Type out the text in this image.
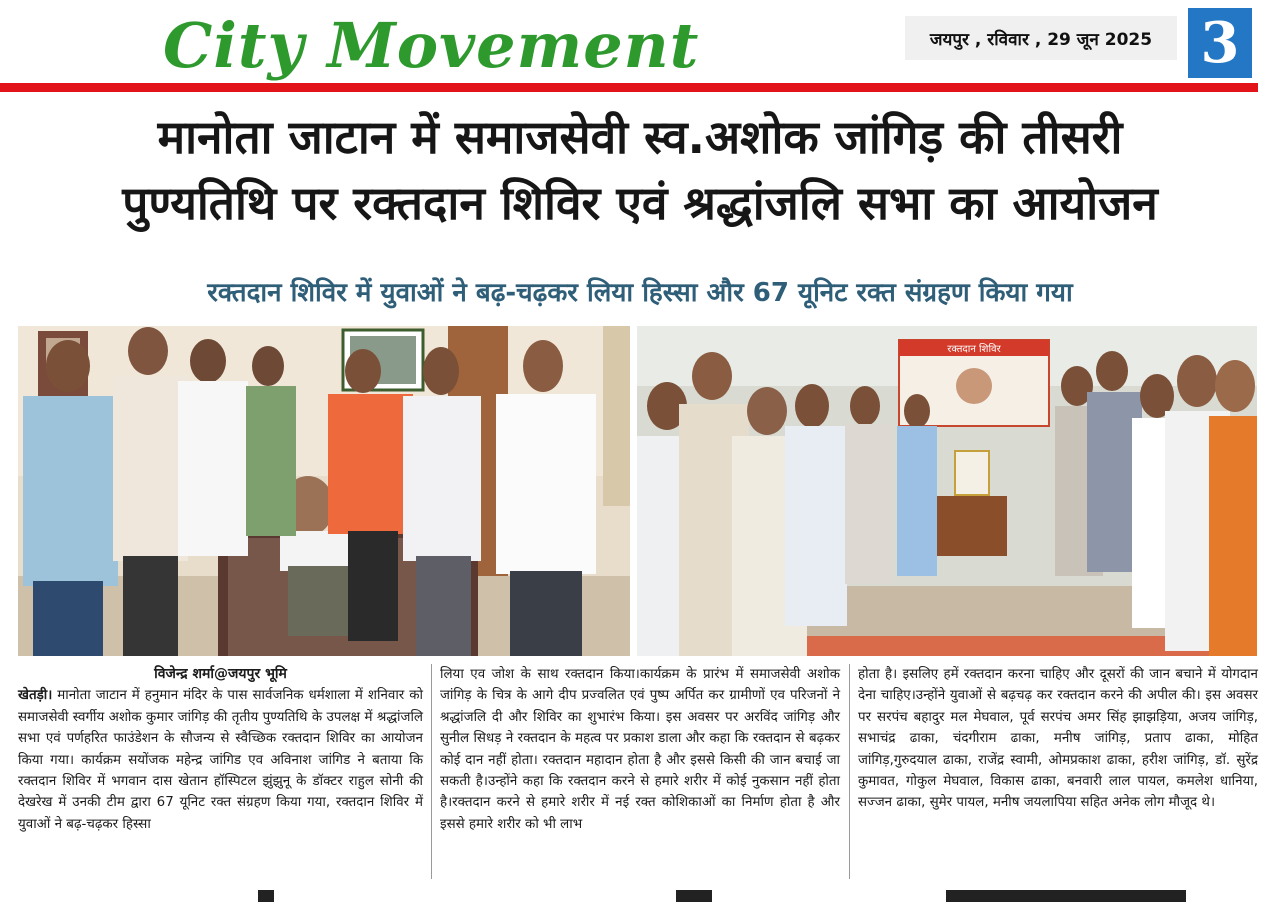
City Movement	जयपुर , रविवार , 29 जून 2025 3
मानोता जाटान में समाजसेवी स्व.अशोक जांगिड़ की तीसरी
पुण्यतिथि पर रक्तदान शिविर एवं श्रद्धांजलि सभा का आयोजन
रक्तदान शिविर में युवाओं ने बढ़-चढ़कर लिया हिस्सा और 67 यूनिट रक्त संग्रहण किया गया
रक्तदान शिविर
विजेन्द्र शर्मा@जयपुर भूमि
खेतड़ी। मानोता जाटान में हनुमान मंदिर के पास सार्वजनिक धर्मशाला में शनिवार को समाजसेवी स्वर्गीय अशोक कुमार जांगिड़ की तृतीय पुण्यतिथि के उपलक्ष में श्रद्धांजलि सभा एवं पर्णहरित फाउंडेशन के सौजन्य से स्वैच्छिक रक्तदान शिविर का आयोजन किया गया। कार्यक्रम सयोंजक महेन्द्र जांगिड एव अविनाश जांगिड ने बताया कि रक्तदान शिविर में भगवान दास खेतान हॉस्पिटल झुंझुनू के डॉक्टर राहुल सोनी की देखरेख में उनकी टीम द्वारा 67 यूनिट रक्त संग्रहण किया गया, रक्तदान शिविर में युवाओं ने बढ़-चढ़कर हिस्सा
लिया एव जोश के साथ रक्तदान किया।कार्यक्रम के प्रारंभ में समाजसेवी अशोक जांगिड़ के चित्र के आगे दीप प्रज्वलित एवं पुष्प अर्पित कर ग्रामीणों एव परिजनों ने श्रद्धांजलि दी और शिविर का शुभारंभ किया। इस अवसर पर अरविंद जांगिड़ और सुनील सिधड़ ने रक्तदान के महत्व पर प्रकाश डाला और कहा कि रक्तदान से बढ़कर कोई दान नहीं होता। रक्तदान महादान होता है और इससे किसी की जान बचाई जा सकती है।उन्होंने कहा कि रक्तदान करने से हमारे शरीर में कोई नुकसान नहीं होता है।रक्तदान करने से हमारे शरीर में नई रक्त कोशिकाओं का निर्माण होता है और इससे हमारे शरीर को भी लाभ
होता है। इसलिए हमें रक्तदान करना चाहिए और दूसरों की जान बचाने में योगदान देना चाहिए।उन्होंने युवाओं से बढ़चढ़ कर रक्तदान करने की अपील की। इस अवसर पर सरपंच बहादुर मल मेघवाल, पूर्व सरपंच अमर सिंह झाझड़िया, अजय जांगिड़, सभाचंद्र ढाका, चंदगीराम ढाका, मनीष जांगिड़, प्रताप ढाका, मोहित जांगिड़,गुरुदयाल ढाका, राजेंद्र स्वामी, ओमप्रकाश ढाका, हरीश जांगिड़, डॉ. सुरेंद्र कुमावत, गोकुल मेघवाल, विकास ढाका, बनवारी लाल पायल, कमलेश धानिया, सज्जन ढाका, सुमेर पायल, मनीष जयलापिया सहित अनेक लोग मौजूद थे।
